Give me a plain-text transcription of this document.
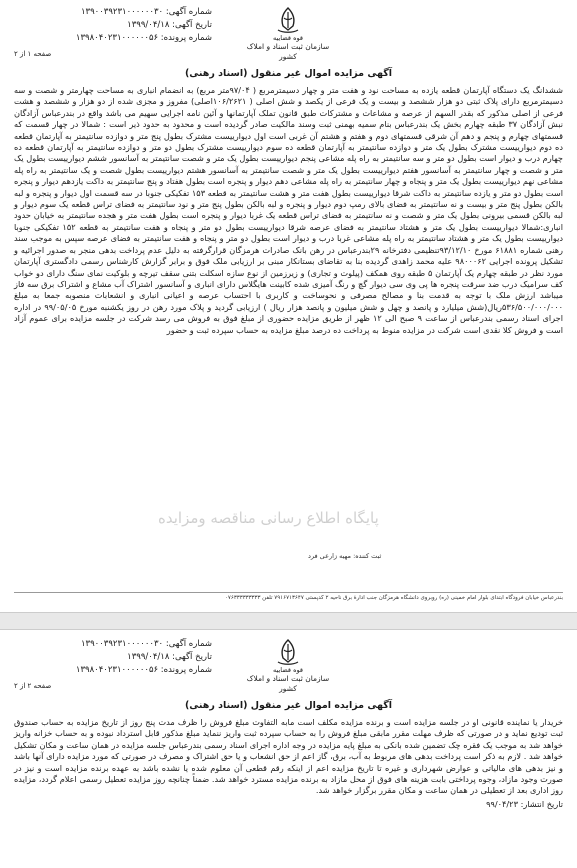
شماره آگهی: ۱۳۹۰۰۳۹۲۳۱۰۰۰۰۰۰۳۰
تاریخ آگهی: ۱۳۹۹/۰۴/۱۸
شماره پرونده: ۱۳۹۸۰۴۰۲۳۱۰۰۰۰۰۰۵۶	قوه قضاییه
سازمان ثبت اسناد و املاک کشور
صفحه ۱ از ۲
آگهی مزایده اموال غیر منقول (اسناد رهنی)
ششدانگ یک دستگاه آپارتمان قطعه یازده به مساحت نود و هفت متر و چهار دسیمترمربع ( ۹۷/۰۴متر مربع) به انضمام انباری به مساحت چهارمتر و شصت و سه دسیمترمربع دارای پلاک ثبتی دو هزار ششصد و بیست و یک فرعی از یکصد و شش اصلی ( ۱۰۶/۲۶۲۱اصلی) مفروز و مجزی شده از دو هزار و ششصد و هشت فرعی از اصلی مذکور که بقدر السهم از عرصه و مشاعات و مشترکات طبق قانون تملک آپارتمانها و آئین نامه اجرایی سهیم می باشد واقع در بندرعباس آزادگان نبش آزادگان ۳۷ طبقه چهارم بخش یک بندرعباس بنام سمیه بهمنی ثبت وسند مالکیت صادر گردیده است و محدود به حدود ذیر است : شمالا در چهار قسمت که قسمتهای چهارم و پنجم و دهم آن شرقی قسمتهای دوم و هفتم و هشتم آن غربی است اول دیوارییست مشترک بطول پنج متر و دوازده سانتیمتر به آپارتمان قطعه ده دوم دیوارییست مشترک بطول یک متر و دوازده سانتیمتر به آپارتمان قطعه ده سوم دیوارییست مشترک بطول دو متر و دوازده سانتیمتر به آپارتمان قطعه ده چهارم درب و دیوار است بطول دو متر و سه سانتیمتر به راه پله مشاعی پنجم دیوارییست بطول یک متر و شصت سانتیمتر به آسانسور ششم دیوارییست بطول یک متر و شصت و چهار سانتیمتر به آسانسور هفتم دیوارییست بطول یک متر و شصت سانتیمتر به آسانسور هشتم دیوارییست بطول شصت و یک سانتیمتر به راه پله مشاعی نهم دیوارییست بطول یک متر و پنجاه و چهار سانتیمتر به راه پله مشاعی دهم دیوار و پنجره است بطول هفتاد و پنج سانتیمتر به داکت یازدهم دیوار و پنجره است بطول دو متر و یازده سانتیمتر به داکت شرقا دیوارییست بطول هفت متر و هشت سانتیمتر به قطعه ۱۵۳ تفکیکی جنوبا در سه قسمت اول دیوار و پنجره و لبه بالکن بطول پنج متر و بیست و نه سانتیمتر به فضای بالای رمپ دوم دیوار و پنجره و لبه بالکن بطول پنج متر و نود سانتیمتر به فضای تراس قطعه یک سوم دیوار و لبه بالکن قسمی بیرونی بطول یک متر و شصت و نه سانتیمتر به فضای تراس قطعه یک غربا دیوار و پنجره است بطول هفت متر و هجده سانتیمتر به خیابان حدود انباری:شمالا دیوارییست بطول یک متر و هشتاد سانتیمتر به فضای عرصه شرقا دیوارییست بطول دو متر و پنجاه و هفت سانتیمتر به قطعه ۱۵۲ تفکیکی جنوبا دیوارییست بطول یک متر و هشتاد سانتیمتر به راه پله مشاعی غربا درب و دیوار است بطول دو متر و پنجاه و هفت سانتیمتر به فضای عرصه سپس به موجب سند رهنی شماره ۶۱۸۸۱ مورخ ۹۳/۱۲/۱۰تنظیمی دفترخانه ۲۹بندرعباس در رهن بانک صادرات هرمزگان قرارگرفته به دلیل عدم پرداخت بدهی منجر به صدور اجرائیه و تشکیل پرونده اجرایی ۹۸۰۰۰۶۲ علیه محمد زاهدی گردیده بنا به تقاضای بستانکار مبنی بر ارزیابی ملک فوق و برابر گزارش کارشناس رسمی دادگستری آپارتمان مورد نظر در طبقه چهارم یک آپارتمان ۵ طبقه روی همکف (پیلوت و تجاری) و زیرزمین از نوع سازه اسکلت بتنی سقف تیرچه و بلوکیت نمای سنگ دارای دو خواب کف سرامیک درب ضد سرقت پنجره ها پی وی سی دیوار گچ و رنگ آمیزی شده کابینت هایگلاس دارای انباری و آسانسور اشتراک آب مشاع و اشتراک برق سه فاز میباشد ارزش ملک با توجه به قدمت بنا و مصالح مصرفی و نحوساخت و کاربری با احتساب عرصه و اعیانی انباری و انشعابات منصوبه جمعا به مبلغ ۵۳۶/۵۰۰/۰۰۰/۰۰۰ریال(شش میلیارد و پانصد و چهل و شش میلیون و پانصد هزار ریال ) ارزیابی گردید و پلاک مورد رهن در روز یکشنبه مورخ ۹۹/۰۵/۰۵ در اداره اجرای اسناد رسمی بندرعباس از ساعت ۹ صبح الی ۱۲ ظهر از طریق مزایده حضوری از مبلغ فوق به فروش می رسد شرکت در جلسه مزایده برای عموم آزاد است و فروش کلا نقدی است شرکت در مزایده منوط به پرداخت ده درصد مبلغ مزایده به حساب سپرده ثبت و حضور
پایگاه اطلاع رسانی مناقصه ومزایده
ثبت کننده: مهیه زارعی فرد
بندرعباس خیابان فرودگاه ابتدای بلوار امام خمینی (ره) روبروی دانشگاه هرمزگان جنب ادارهٔ برق ناحیه ۲ کدپستی ۷۹۱۶۷۱۳۶۴۷ تلفن ۰۷۶۳۳۳۳۳۳۳۳۳
شماره آگهی: ۱۳۹۰۰۳۹۲۳۱۰۰۰۰۰۰۳۰
تاریخ آگهی: ۱۳۹۹/۰۴/۱۸
شماره پرونده: ۱۳۹۸۰۴۰۲۳۱۰۰۰۰۰۰۵۶	قوه قضاییه
سازمان ثبت اسناد و املاک کشور
صفحه ۲ از ۲
آگهی مزایده اموال غیر منقول (اسناد رهنی)
خریدار یا نماینده قانونی او در جلسه مزایده است و برنده مزایده مکلف است مابه التفاوت مبلغ فروش را ظرف مدت پنج روز از تاریخ مزایده به حساب صندوق ثبت تودیع نماید و در صورتی که ظرف مهلت مقرر مابقی مبلغ فروش را به حساب سپرده ثبت واریز ننماید مبلغ مذکور قابل استرداد نبوده و به حساب خزانه واریز خواهد شد به موجب یک فقره چک تضمین شده بانکی به مبلغ پایه مزایده در وجه اداره اجرای اسناد رسمی بندرعباس جلسه مزایده در همان ساعت و مکان تشکیل خواهد شد . لازم به ذکر است پرداخت بدهی های مربوط به آب، برق، گاز اعم از حق انشعاب و یا حق اشتراک و مصرف در صورتی که مورد مزایده دارای آنها باشد و نیز بدهی های مالیاتی و عوارض شهرداری و غیره تا تاریخ مزایده اعم از اینکه رقم قطعی آن معلوم شده یا نشده باشد به عهده برنده مزایده است و نیز در صورت وجود مازاد، وجوه پرداختی بابت هزینه های فوق از محل مازاد به برنده مزایده مسترد خواهد شد. ضمناً چنانچه روز مزایده تعطیل رسمی اعلام گردد، مزایده روز اداری بعد از تعطیلی در همان ساعت و مکان مقرر برگزار خواهد شد.
تاریخ انتشار: ۹۹/۰۴/۲۳
